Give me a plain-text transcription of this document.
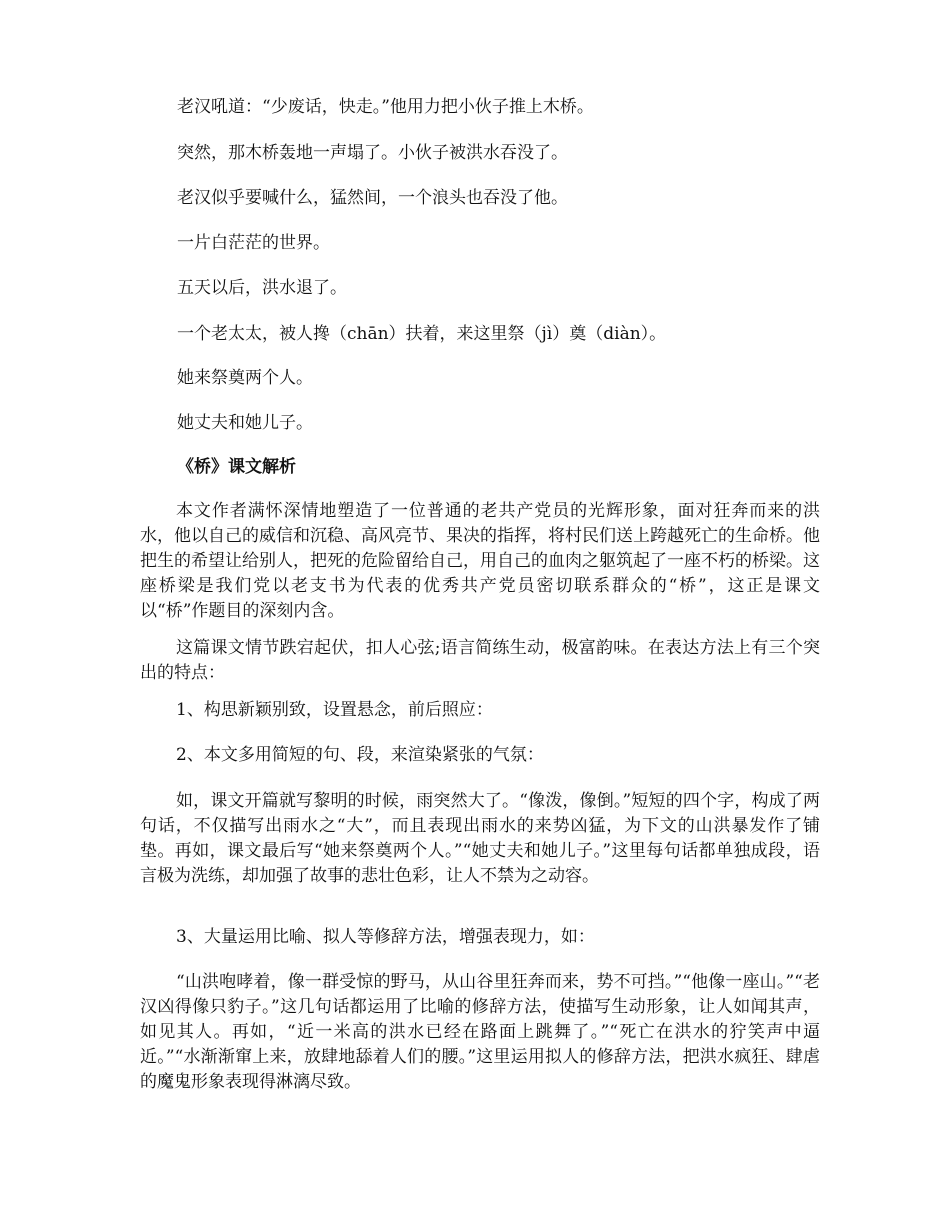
老汉吼道：“少废话，快走。”他用力把小伙子推上木桥。
突然，那木桥轰地一声塌了。小伙子被洪水吞没了。
老汉似乎要喊什么，猛然间，一个浪头也吞没了他。
一片白茫茫的世界。
五天以后，洪水退了。
一个老太太，被人搀（chān）扶着，来这里祭（jì）奠（diàn）。
她来祭奠两个人。
她丈夫和她儿子。
《桥》课文解析
本文作者满怀深情地塑造了一位普通的老共产党员的光辉形象，面对狂奔而来的洪水，他以自己的威信和沉稳、高风亮节、果决的指挥，将村民们送上跨越死亡的生命桥。他把生的希望让给别人，把死的危险留给自己，用自己的血肉之躯筑起了一座不朽的桥梁。这座桥梁是我们党以老支书为代表的优秀共产党员密切联系群众的“桥”，这正是课文以“桥”作题目的深刻内含。
这篇课文情节跌宕起伏，扣人心弦;语言简练生动，极富韵味。在表达方法上有三个突出的特点：
1、构思新颖别致，设置悬念，前后照应：
2、本文多用简短的句、段，来渲染紧张的气氛：
如，课文开篇就写黎明的时候，雨突然大了。“像泼，像倒。”短短的四个字，构成了两句话，不仅描写出雨水之“大”，而且表现出雨水的来势凶猛，为下文的山洪暴发作了铺垫。再如，课文最后写“她来祭奠两个人。”“她丈夫和她儿子。”这里每句话都单独成段，语言极为洗练，却加强了故事的悲壮色彩，让人不禁为之动容。
3、大量运用比喻、拟人等修辞方法，增强表现力，如：
“山洪咆哮着，像一群受惊的野马，从山谷里狂奔而来，势不可挡。”“他像一座山。”“老汉凶得像只豹子。”这几句话都运用了比喻的修辞方法，使描写生动形象，让人如闻其声，如见其人。再如，“近一米高的洪水已经在路面上跳舞了。”“死亡在洪水的狞笑声中逼近。”“水渐渐窜上来，放肆地舔着人们的腰。”这里运用拟人的修辞方法，把洪水疯狂、肆虐的魔鬼形象表现得淋漓尽致。
